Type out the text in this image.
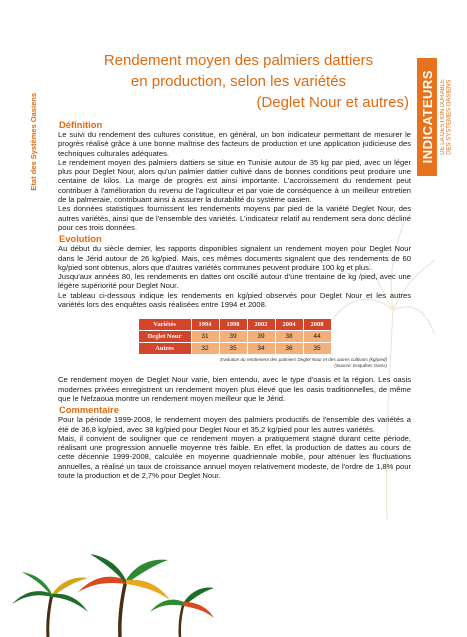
Etat des Systèmes Oasiens	INDICATEURS DE LA GESTION DURABLE
DES SYSTÈMES OASIENS
Rendement moyen des palmiers dattiers
en production, selon les variétés
(Deglet Nour et autres)
Définition

Le suivi du rendement des cultures constitue, en général, un bon indicateur permettant de mesurer le progrès réalisé grâce à une bonne maîtrise des facteurs de production et une application judicieuse des techniques culturales adéquates.

Le rendement moyen des palmiers dattiers se situe en Tunisie autour de 35 kg par pied, avec un léger plus pour Deglet Nour, alors qu'un palmier dattier cultivé dans de bonnes conditions peut produire une centaine de kilos. La marge de progrès est ainsi importante. L'accroissement du rendement peut contribuer à l'amélioration du revenu de l'agriculteur et par voie de conséquence à un meilleur entretien de la palmeraie, contribuant ainsi à assurer la durabilité du système oasien.

Les données statistiques fournissent les rendements moyens par pied de la variété Deglet Nour, des autres variétés, ainsi que de l'ensemble des variétés. L'indicateur relatif au rendement sera donc décliné pour ces trois données.

Evolution

Au début du siècle dernier, les rapports disponibles signalent un rendement moyen pour Deglet Nour dans le Jérid autour de 26 kg/pied. Mais, ces mêmes documents signalent que des rendements de 60 kg/pied sont obtenus, alors que d'autres variétés communes peuvent produire 100 kg et plus.

Jusqu'aux années 80, les rendements en dattes ont oscillé autour d'une trentaine de kg /pied, avec une légère supériorité pour Deglet Nour.

Le tableau ci-dessous indique les rendements en kg/pied observés pour Deglet Nour et les autres variétés lors des enquêtes oasis réalisées entre 1994 et 2008.

Variétés	1994	1998	2002	2004	2008
Deglet Nour	31	39	39	38	44
Autres	32	35	34	36	35
Evolution du rendement des palmiers Deglet Nour et des autres cultivars (kg/pied)
(Source: Enquêtes Oasis)

Ce rendement moyen de Deglet Nour varie, bien entendu, avec le type d'oasis et la région. Les oasis modernes privées enregistrent un rendement moyen plus élevé que les oasis traditionnelles, de même que le Nefzaoua montre un rendement moyen meilleur que le Jérid.

Commentaire

Pour la période 1999-2008, le rendement moyen des palmiers productifs de l'ensemble des variétés a été de 36,8 kg/pied, avec 38 kg/pied pour Deglet Nour et 35,2 kg/pied pour les autres variétés.

Mais, il convient de souligner que ce rendement moyen a pratiquement stagné durant cette période, réalisant une progression annuelle moyenne très faible. En effet, la production de dattes au cours de cette décennie 1999-2008, calculée en moyenne quadriennale mobile, pour atténuer les fluctuations annuelles, a réalisé un taux de croissance annuel moyen relativement modeste, de l'ordre de 1,8% pour toute la production et de 2,7% pour Deglet Nour.
